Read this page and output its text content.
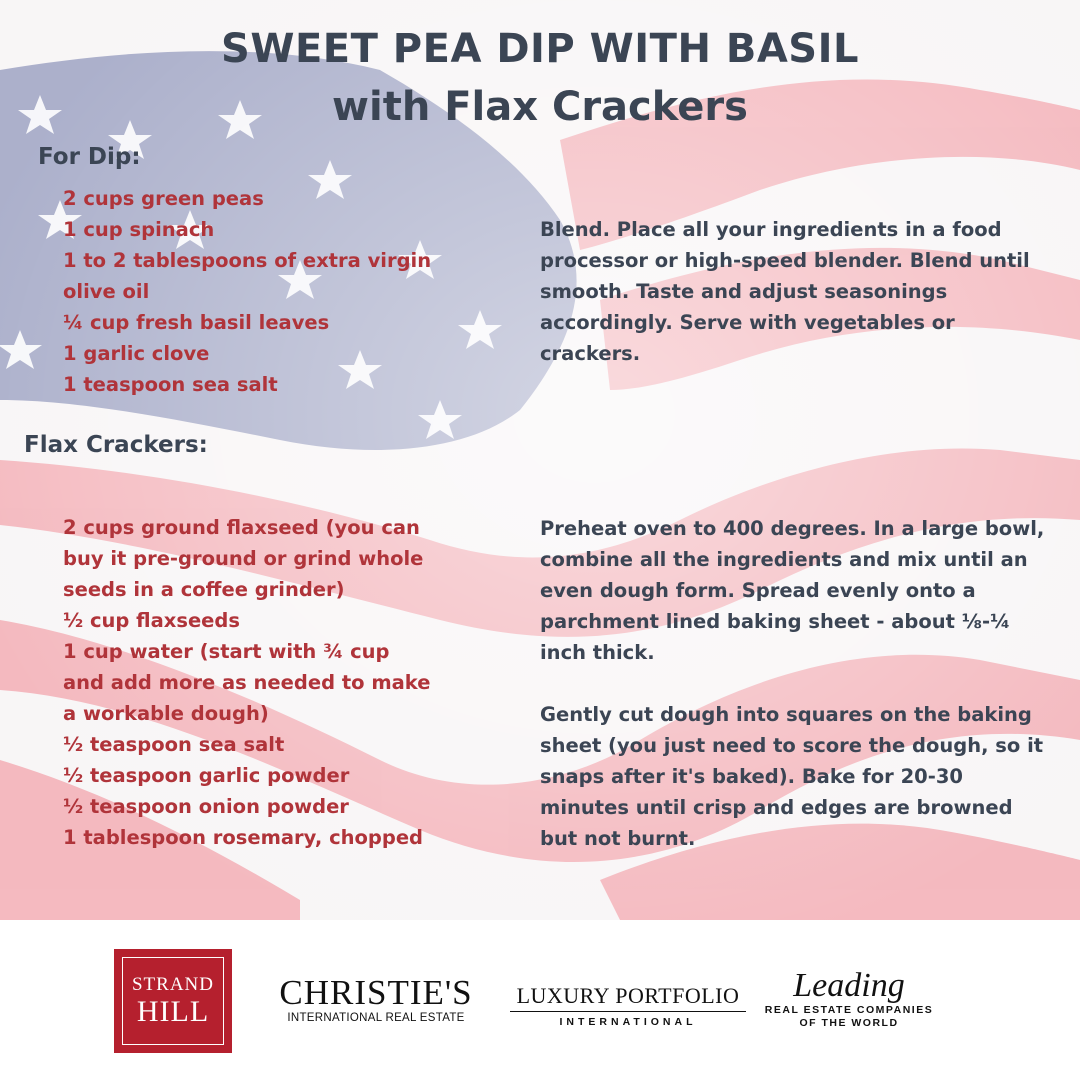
SWEET PEA DIP WITH BASIL
with Flax Crackers
For Dip:
2 cups green peas
1 cup spinach
1 to 2 tablespoons of extra virgin olive oil
¼ cup fresh basil leaves
1 garlic clove
1 teaspoon sea salt

Blend. Place all your ingredients in a food processor or high-speed blender. Blend until smooth. Taste and adjust seasonings accordingly. Serve with vegetables or crackers.

Flax Crackers:
2 cups ground flaxseed (you can buy it pre-ground or grind whole seeds in a coffee grinder)
½ cup flaxseeds
1 cup water (start with ¾ cup and add more as needed to make a workable dough)
½ teaspoon sea salt
½ teaspoon garlic powder
½ teaspoon onion powder
1 tablespoon rosemary, chopped

Preheat oven to 400 degrees. In a large bowl, combine all the ingredients and mix until an even dough form. Spread evenly onto a parchment lined baking sheet - about ⅛-¼ inch thick.

Gently cut dough into squares on the baking sheet (you just need to score the dough, so it snaps after it's baked). Bake for 20-30 minutes until crisp and edges are browned but not burnt.

STRAND
HILL	CHRISTIE'S
INTERNATIONAL REAL ESTATE
LUXURY PORTFOLIO
INTERNATIONAL
Leading
REAL ESTATE COMPANIES
OF THE WORLD
